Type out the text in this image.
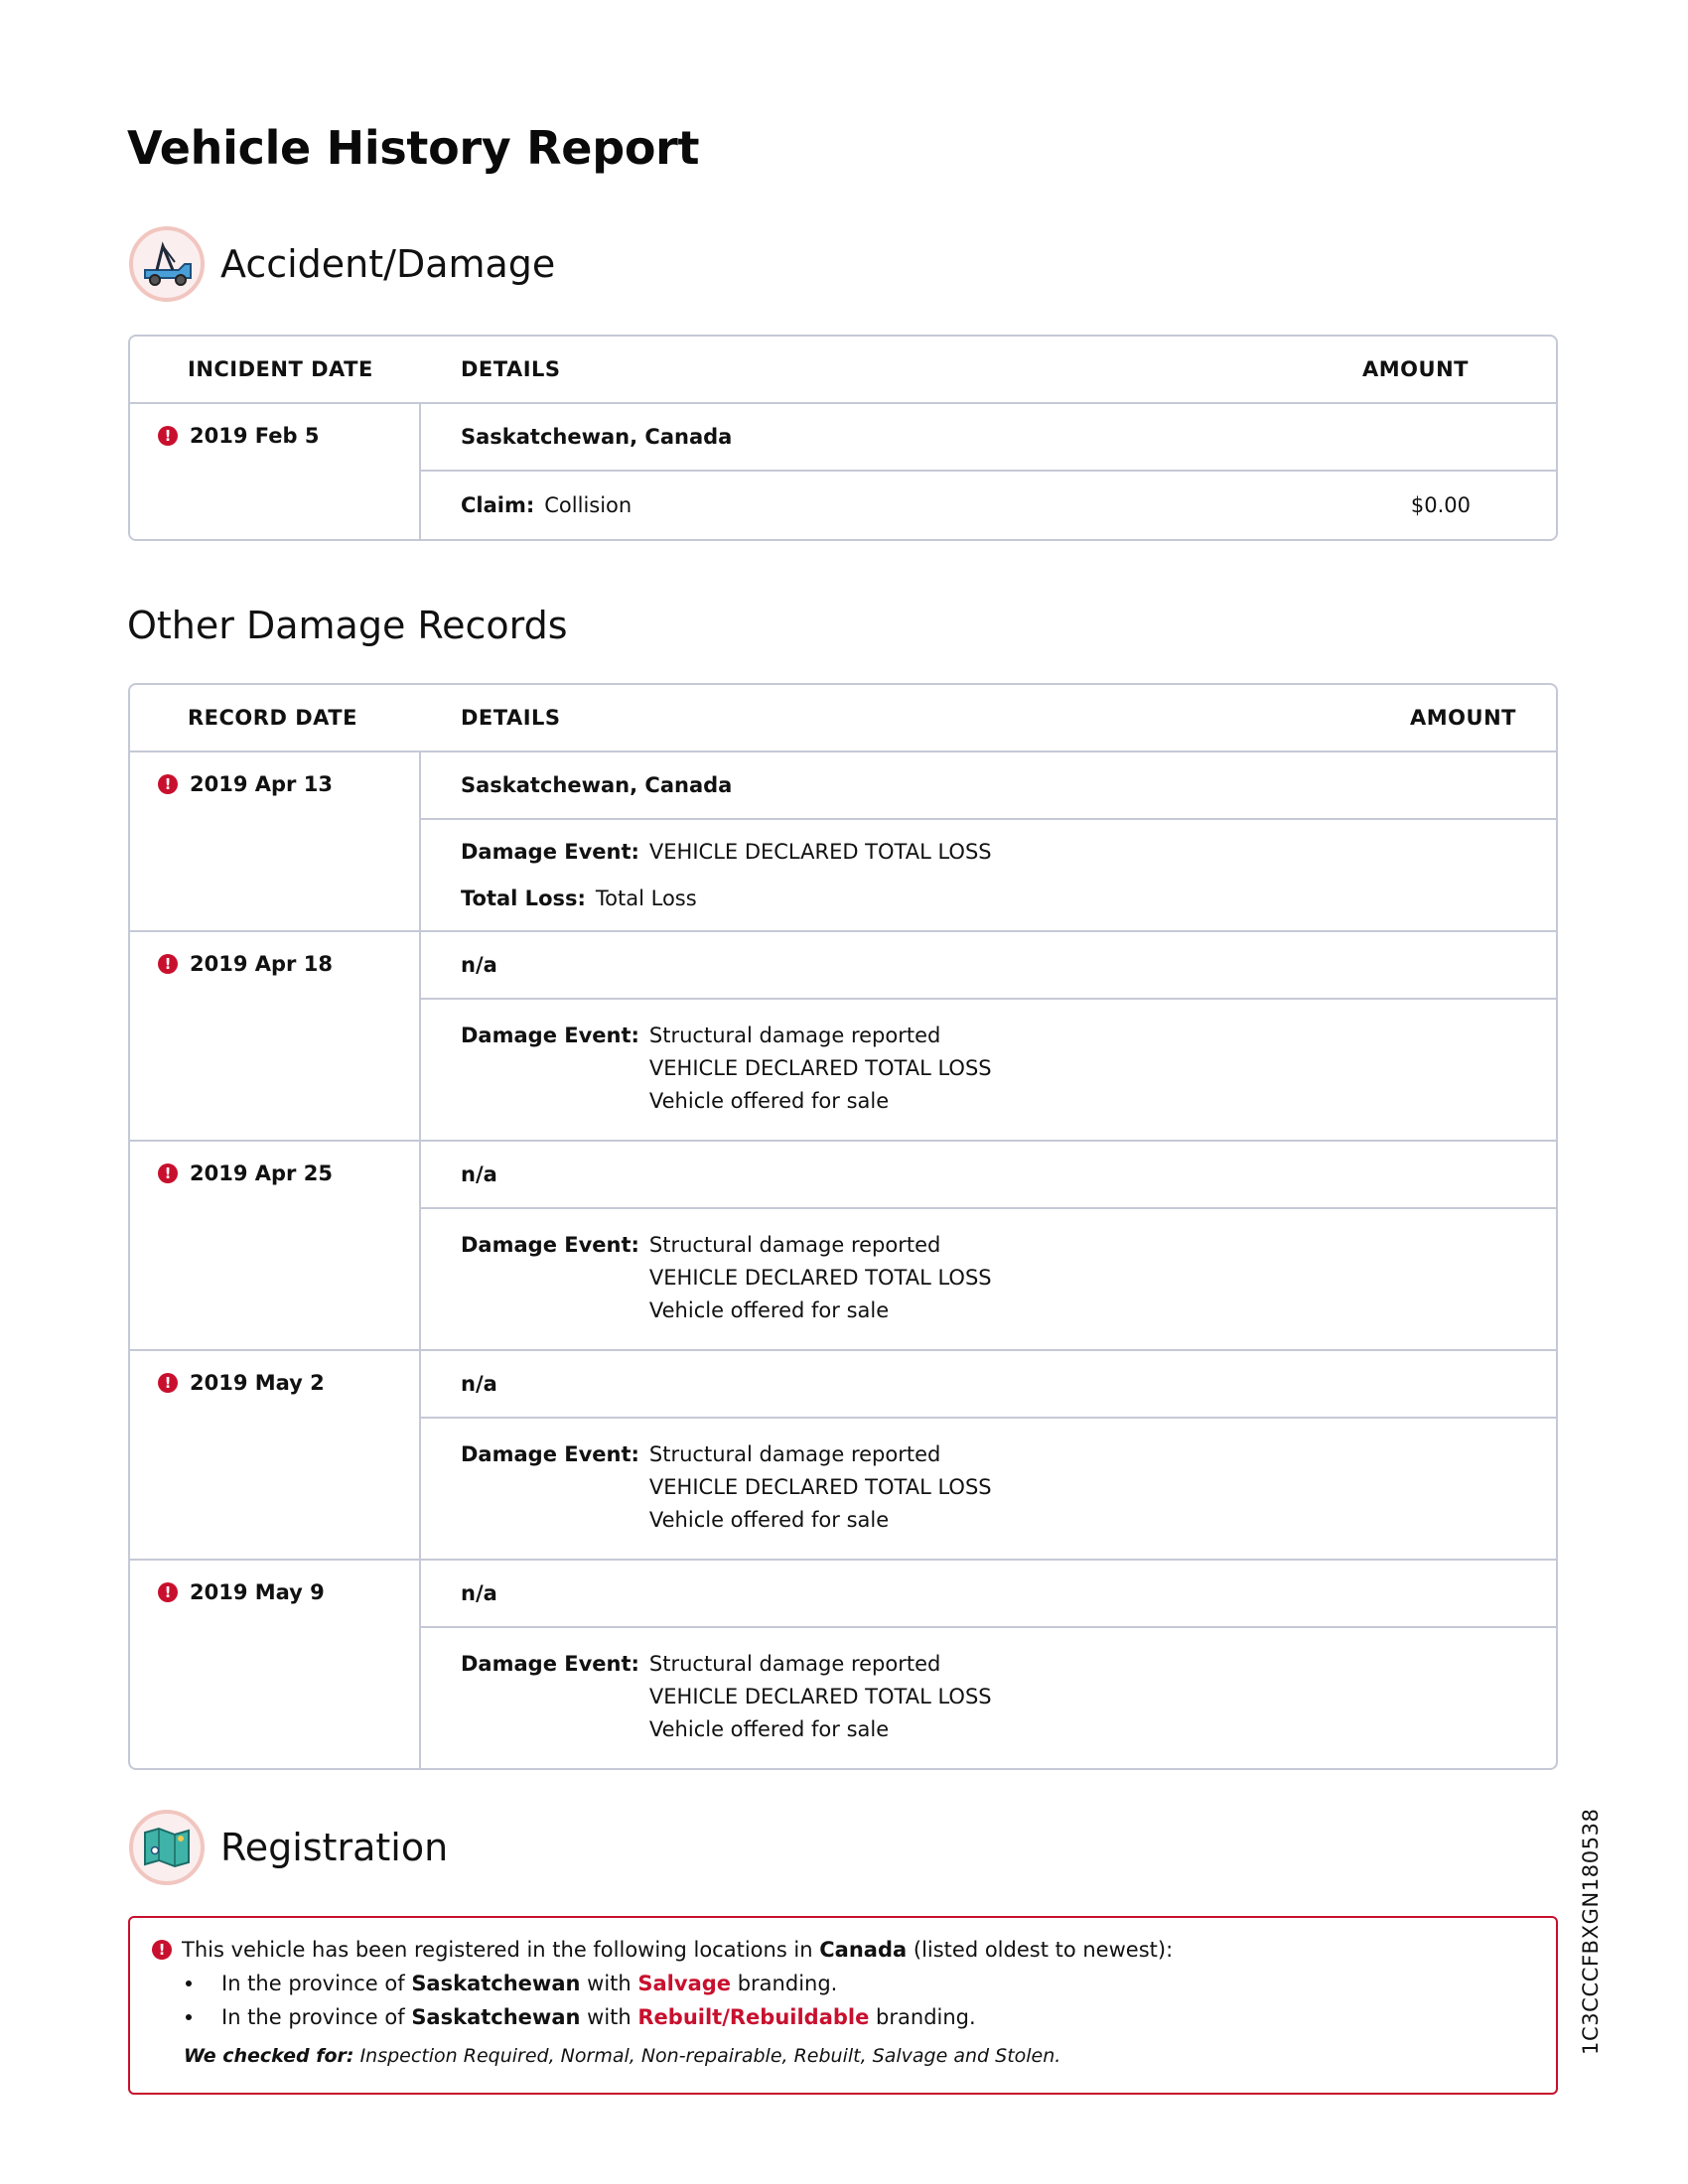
Vehicle History Report
Accident/Damage
INCIDENT DATE	DETAILS	AMOUNT
! 2019 Feb 5	Saskatchewan, Canada
Claim: Collision	$0.00
Other Damage Records
RECORD DATE	DETAILS	AMOUNT
! 2019 Apr 13	Saskatchewan, Canada
Damage Event: VEHICLE DECLARED TOTAL LOSS
Total Loss: Total Loss
! 2019 Apr 18	n/a
Damage Event: Structural damage reported
VEHICLE DECLARED TOTAL LOSS
Vehicle offered for sale
! 2019 Apr 25	n/a
Damage Event: Structural damage reported
VEHICLE DECLARED TOTAL LOSS
Vehicle offered for sale
! 2019 May 2	n/a
Damage Event: Structural damage reported
VEHICLE DECLARED TOTAL LOSS
Vehicle offered for sale
! 2019 May 9	n/a
Damage Event: Structural damage reported
VEHICLE DECLARED TOTAL LOSS
Vehicle offered for sale
Registration
! This vehicle has been registered in the following locations in
Canada
(listed oldest to newest):
In the province of
Saskatchewan
with
Salvage
branding.
In the province of
Saskatchewan
with
Rebuilt/Rebuildable
branding.
We checked for: Inspection Required, Normal, Non-repairable, Rebuilt, Salvage and Stolen.
1C3CCCFBXGN180538
